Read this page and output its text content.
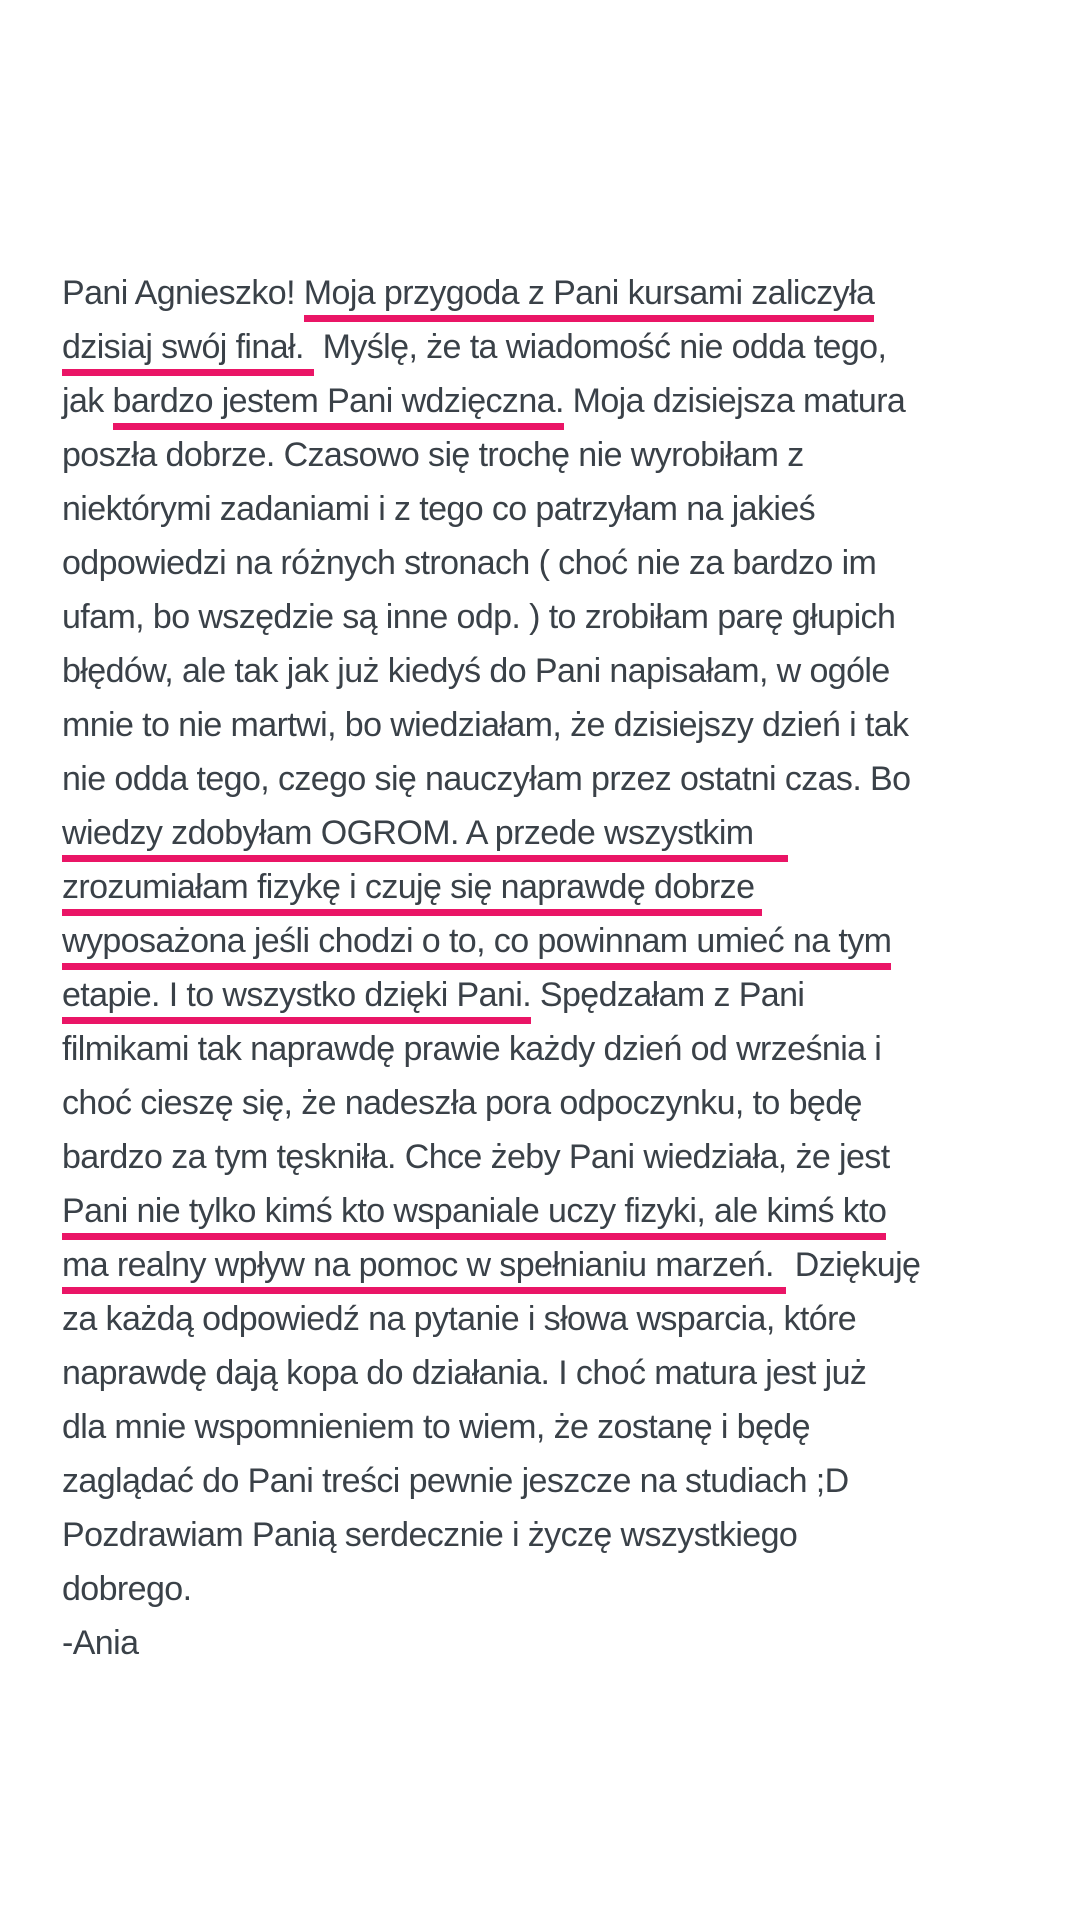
Pani Agnieszko! Moja przygoda z Pani kursami zaliczyła
dzisiaj swój finał. Myślę, że ta wiadomość nie odda tego,
jak bardzo jestem Pani wdzięczna. Moja dzisiejsza matura
poszła dobrze. Czasowo się trochę nie wyrobiłam z
niektórymi zadaniami i z tego co patrzyłam na jakieś
odpowiedzi na różnych stronach ( choć nie za bardzo im
ufam, bo wszędzie są inne odp. ) to zrobiłam parę głupich
błędów, ale tak jak już kiedyś do Pani napisałam, w ogóle
mnie to nie martwi, bo wiedziałam, że dzisiejszy dzień i tak
nie odda tego, czego się nauczyłam przez ostatni czas. Bo
wiedzy zdobyłam OGROM. A przede wszystkim
zrozumiałam fizykę i czuję się naprawdę dobrze
wyposażona jeśli chodzi o to, co powinnam umieć na tym
etapie. I to wszystko dzięki Pani. Spędzałam z Pani
filmikami tak naprawdę prawie każdy dzień od września i
choć cieszę się, że nadeszła pora odpoczynku, to będę
bardzo za tym tęskniła. Chce żeby Pani wiedziała, że jest
Pani nie tylko kimś kto wspaniale uczy fizyki, ale kimś kto
ma realny wpływ na pomoc w spełnianiu marzeń. Dziękuję
za każdą odpowiedź na pytanie i słowa wsparcia, które
naprawdę dają kopa do działania. I choć matura jest już
dla mnie wspomnieniem to wiem, że zostanę i będę
zaglądać do Pani treści pewnie jeszcze na studiach ;D
Pozdrawiam Panią serdecznie i życzę wszystkiego
dobrego.
-Ania
